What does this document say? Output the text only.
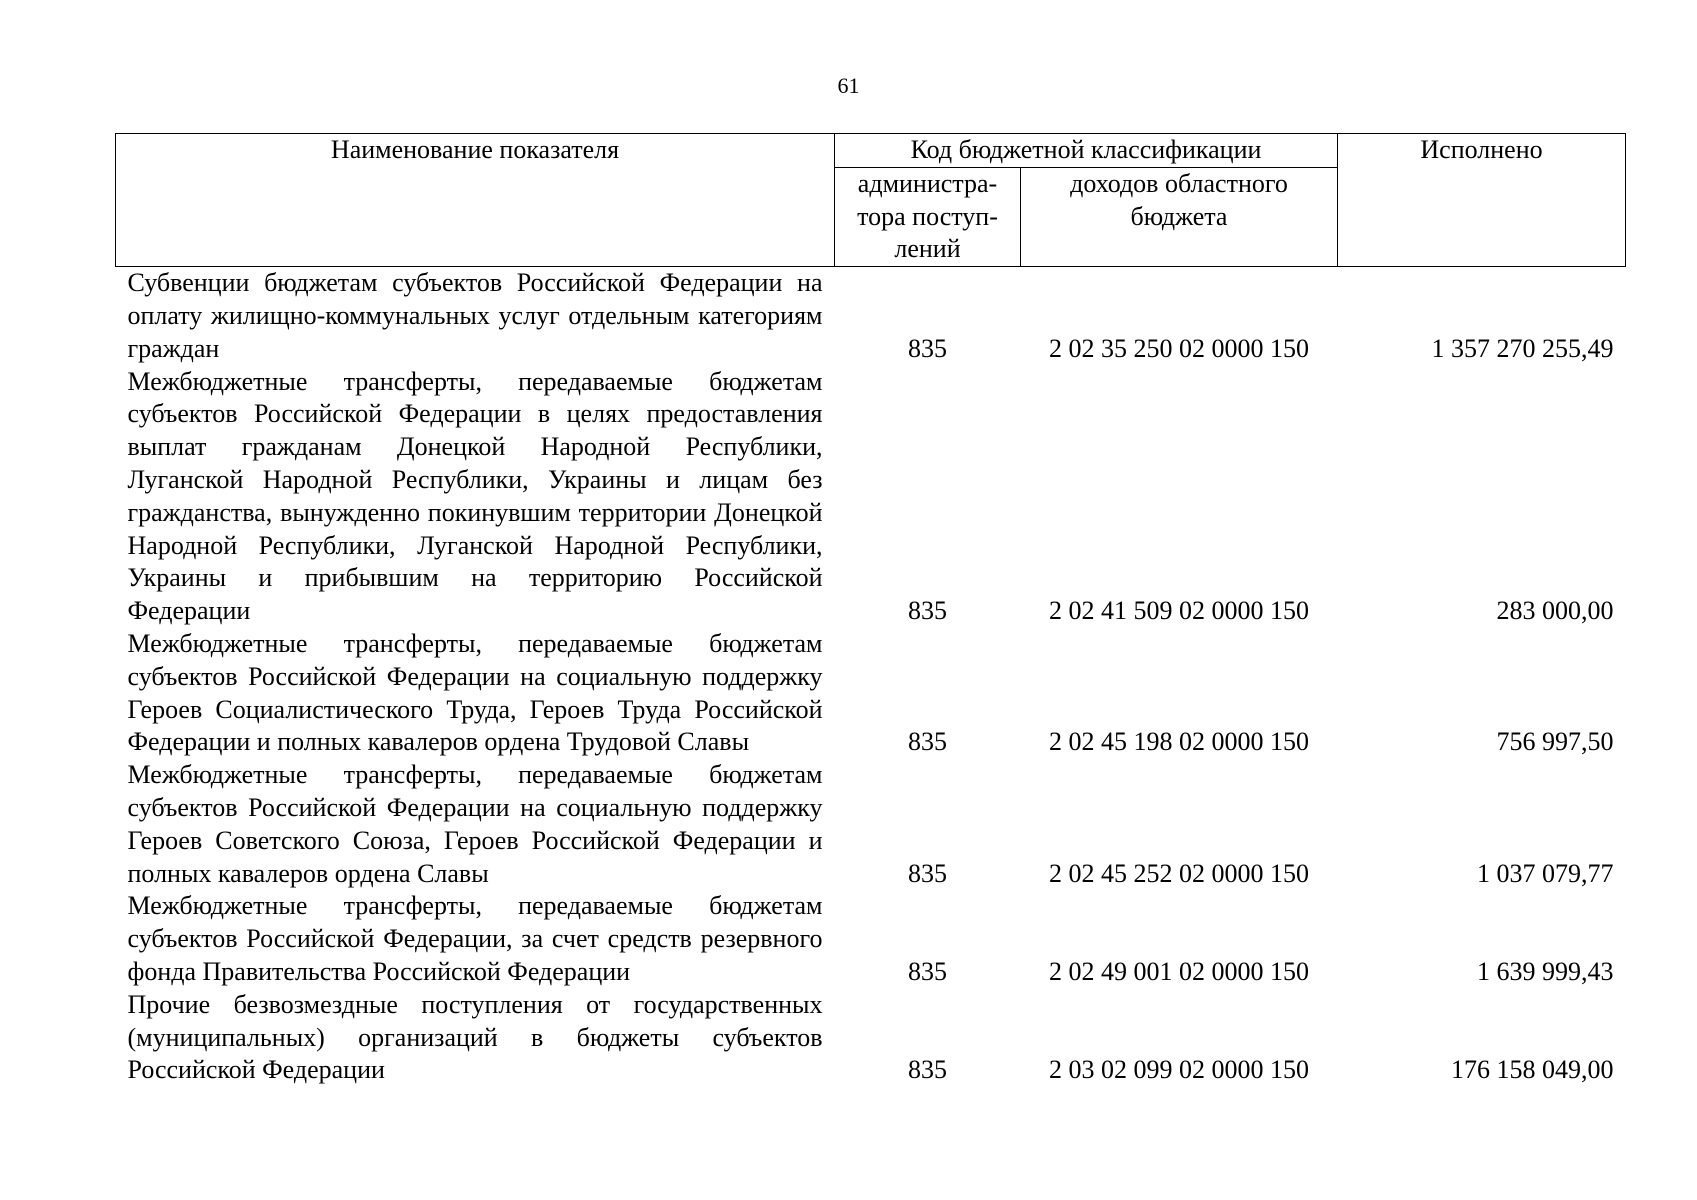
61
Наименование показателя	Код бюджетной классификации		Исполнено
	администра-
тора поступ-
лений	доходов областного
бюджета	
Субвенции бюджетам субъектов Российской Федерации на оплату жилищно-коммунальных услуг отдельным категориям граждан	835	2 02 35 250 02 0000 150	1 357 270 255,49
Межбюджетные трансферты, передаваемые бюджетам субъектов Российской Федерации в целях предоставления выплат гражданам Донецкой Народной Республики, Луганской Народной Республики, Украины и лицам без гражданства, вынужденно покинувшим территории Донецкой Народной Республики, Луганской Народной Республики, Украины и прибывшим на территорию Российской Федерации	835	2 02 41 509 02 0000 150	283 000,00
Межбюджетные трансферты, передаваемые бюджетам субъектов Российской Федерации на социальную поддержку Героев Социалистического Труда, Героев Труда Российской Федерации и полных кавалеров ордена Трудовой Славы	835	2 02 45 198 02 0000 150	756 997,50
Межбюджетные трансферты, передаваемые бюджетам субъектов Российской Федерации на социальную поддержку Героев Советского Союза, Героев Российской Федерации и полных кавалеров ордена Славы	835	2 02 45 252 02 0000 150	1 037 079,77
Межбюджетные трансферты, передаваемые бюджетам субъектов Российской Федерации, за счет средств резервного фонда Правительства Российской Федерации	835	2 02 49 001 02 0000 150	1 639 999,43
Прочие безвозмездные поступления от государственных (муниципальных) организаций в бюджеты субъектов Российской Федерации	835	2 03 02 099 02 0000 150	176 158 049,00
